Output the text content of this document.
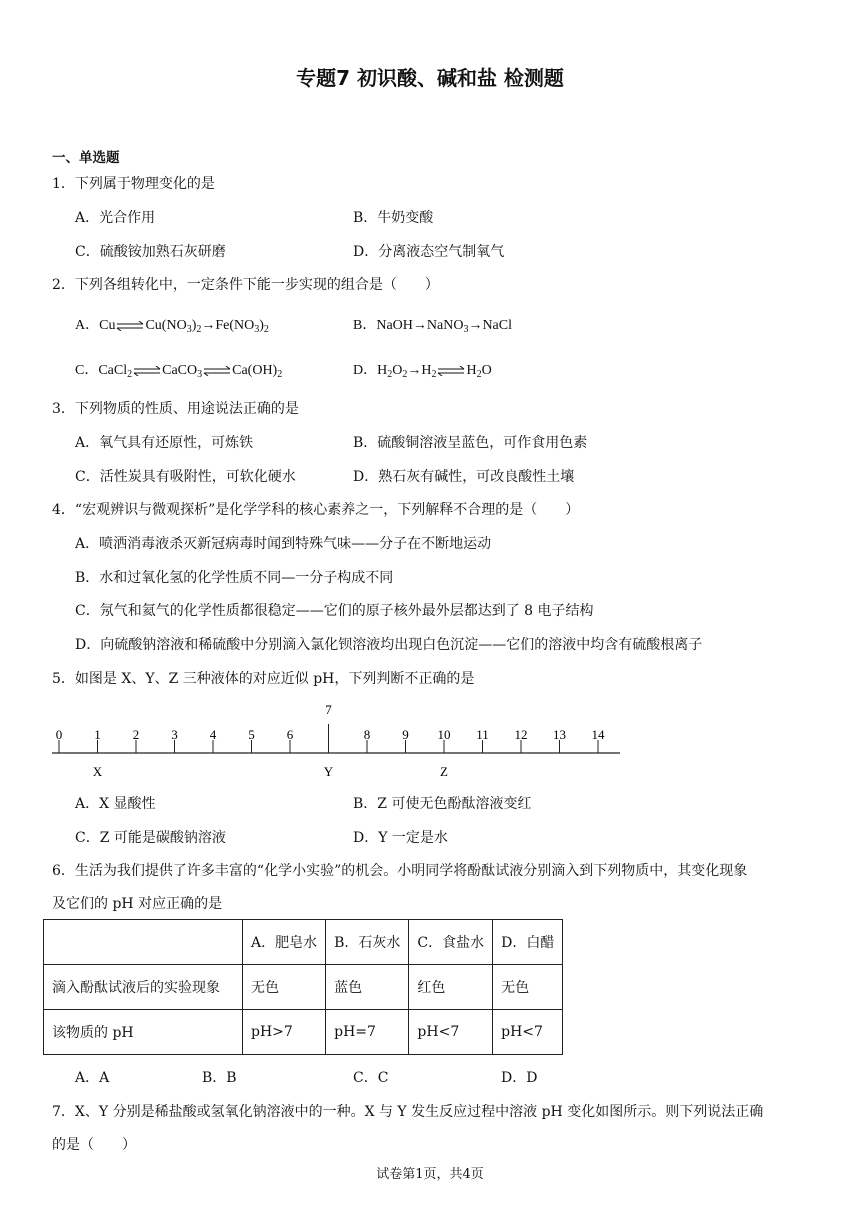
专题7 初识酸、碱和盐 检测题
一、单选题
1．下列属于物理变化的是
A．光合作用	B．牛奶变酸
C．硫酸铵加熟石灰研磨	D．分离液态空气制氧气
2．下列各组转化中，一定条件下能一步实现的组合是（　　）
A．$Cu\rightleftharpoons Cu(NO_3)_2\to Fe(NO_3)_2$	B．NaOH→NaNO$_3$→NaCl
C．$CaCl_2\rightleftharpoons CaCO_3\rightleftharpoons Ca(OH)_2$	D．$H_2O_2\to H_2\rightleftharpoons H_2O$
3．下列物质的性质、用途说法正确的是
A．氧气具有还原性，可炼铁	B．硫酸铜溶液呈蓝色，可作食用色素
C．活性炭具有吸附性，可软化硬水	D．熟石灰有碱性，可改良酸性土壤
4．“宏观辨识与微观探析”是化学学科的核心素养之一，下列解释不合理的是（　　）
A．喷洒消毒液杀灭新冠病毒时闻到特殊气味——分子在不断地运动
B．水和过氧化氢的化学性质不同—一分子构成不同
C．氖气和氦气的化学性质都很稳定——它们的原子核外最外层都达到了 8 电子结构
D．向硫酸钠溶液和稀硫酸中分别滴入氯化钡溶液均出现白色沉淀——它们的溶液中均含有硫酸根离子
5．如图是 X、Y、Z 三种液体的对应近似 pH，下列判断不正确的是
0 1 2 3 4 5 6
7
8 9 10 11 12 13 14
X	Y	Z
A．X 显酸性	B．Z 可使无色酚酞溶液变红
C．Z 可能是碳酸钠溶液	D．Y 一定是水
6．生活为我们提供了许多丰富的“化学小实验”的机会。小明同学将酚酞试液分别滴入到下列物质中，其变化现象
及它们的 pH 对应正确的是
	A．肥皂水	B．石灰水	C．食盐水	D．白醋
滴入酚酞试液后的实验现象	无色	蓝色	红色	无色
该物质的 pH	pH>7	pH=7	pH<7	pH<7
A．A	B．B	C．C	D．D
7．X、Y 分别是稀盐酸或氢氧化钠溶液中的一种。X 与 Y 发生反应过程中溶液 pH 变化如图所示。则下列说法正确
的是（　　）
试卷第1页，共4页
